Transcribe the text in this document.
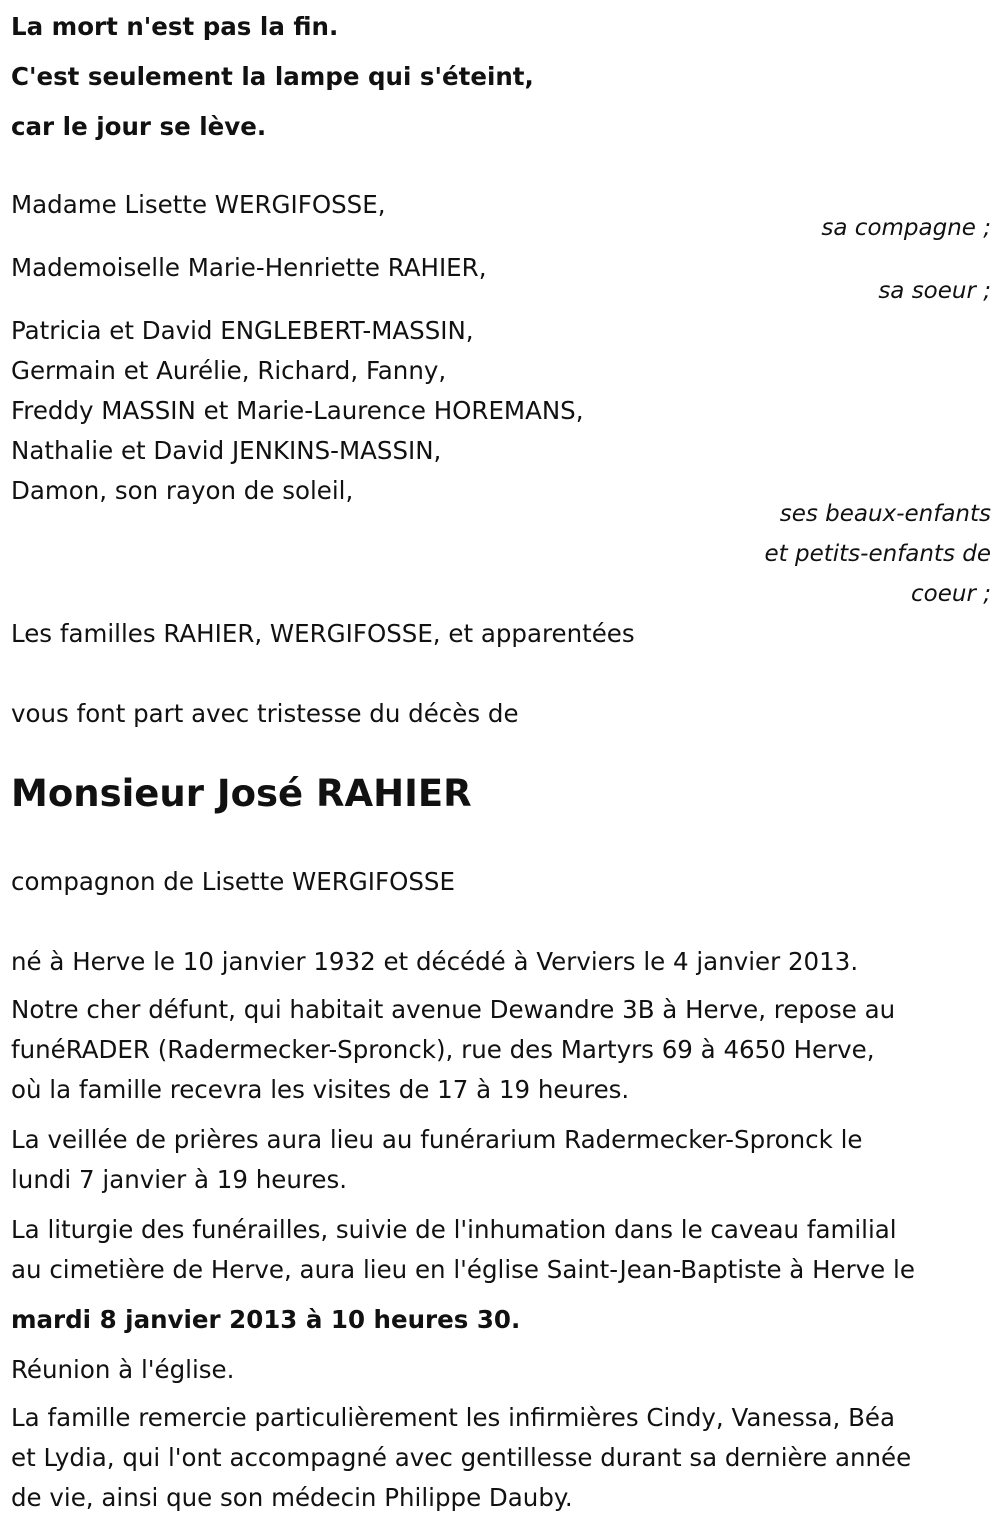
La mort n'est pas la fin.
C'est seulement la lampe qui s'éteint,
car le jour se lève.
Madame Lisette WERGIFOSSE,
sa compagne ;
Mademoiselle Marie-Henriette RAHIER,
sa soeur ;
Patricia et David ENGLEBERT-MASSIN,
Germain et Aurélie, Richard, Fanny,
Freddy MASSIN et Marie-Laurence HOREMANS,
Nathalie et David JENKINS-MASSIN,
Damon, son rayon de soleil,
ses beaux-enfants
et petits-enfants de
coeur ;
Les familles RAHIER, WERGIFOSSE, et apparentées
vous font part avec tristesse du décès de
Monsieur José RAHIER
compagnon de Lisette WERGIFOSSE
né à Herve le 10 janvier 1932 et décédé à Verviers le 4 janvier 2013.
Notre cher défunt, qui habitait avenue Dewandre 3B à Herve, repose au
funéRADER (Radermecker-Spronck), rue des Martyrs 69 à 4650 Herve,
où la famille recevra les visites de 17 à 19 heures.
La veillée de prières aura lieu au funérarium Radermecker-Spronck le
lundi 7 janvier à 19 heures.
La liturgie des funérailles, suivie de l'inhumation dans le caveau familial
au cimetière de Herve, aura lieu en l'église Saint-Jean-Baptiste à Herve le
mardi 8 janvier 2013 à 10 heures 30.
Réunion à l'église.
La famille remercie particulièrement les infirmières Cindy, Vanessa, Béa
et Lydia, qui l'ont accompagné avec gentillesse durant sa dernière année
de vie, ainsi que son médecin Philippe Dauby.
